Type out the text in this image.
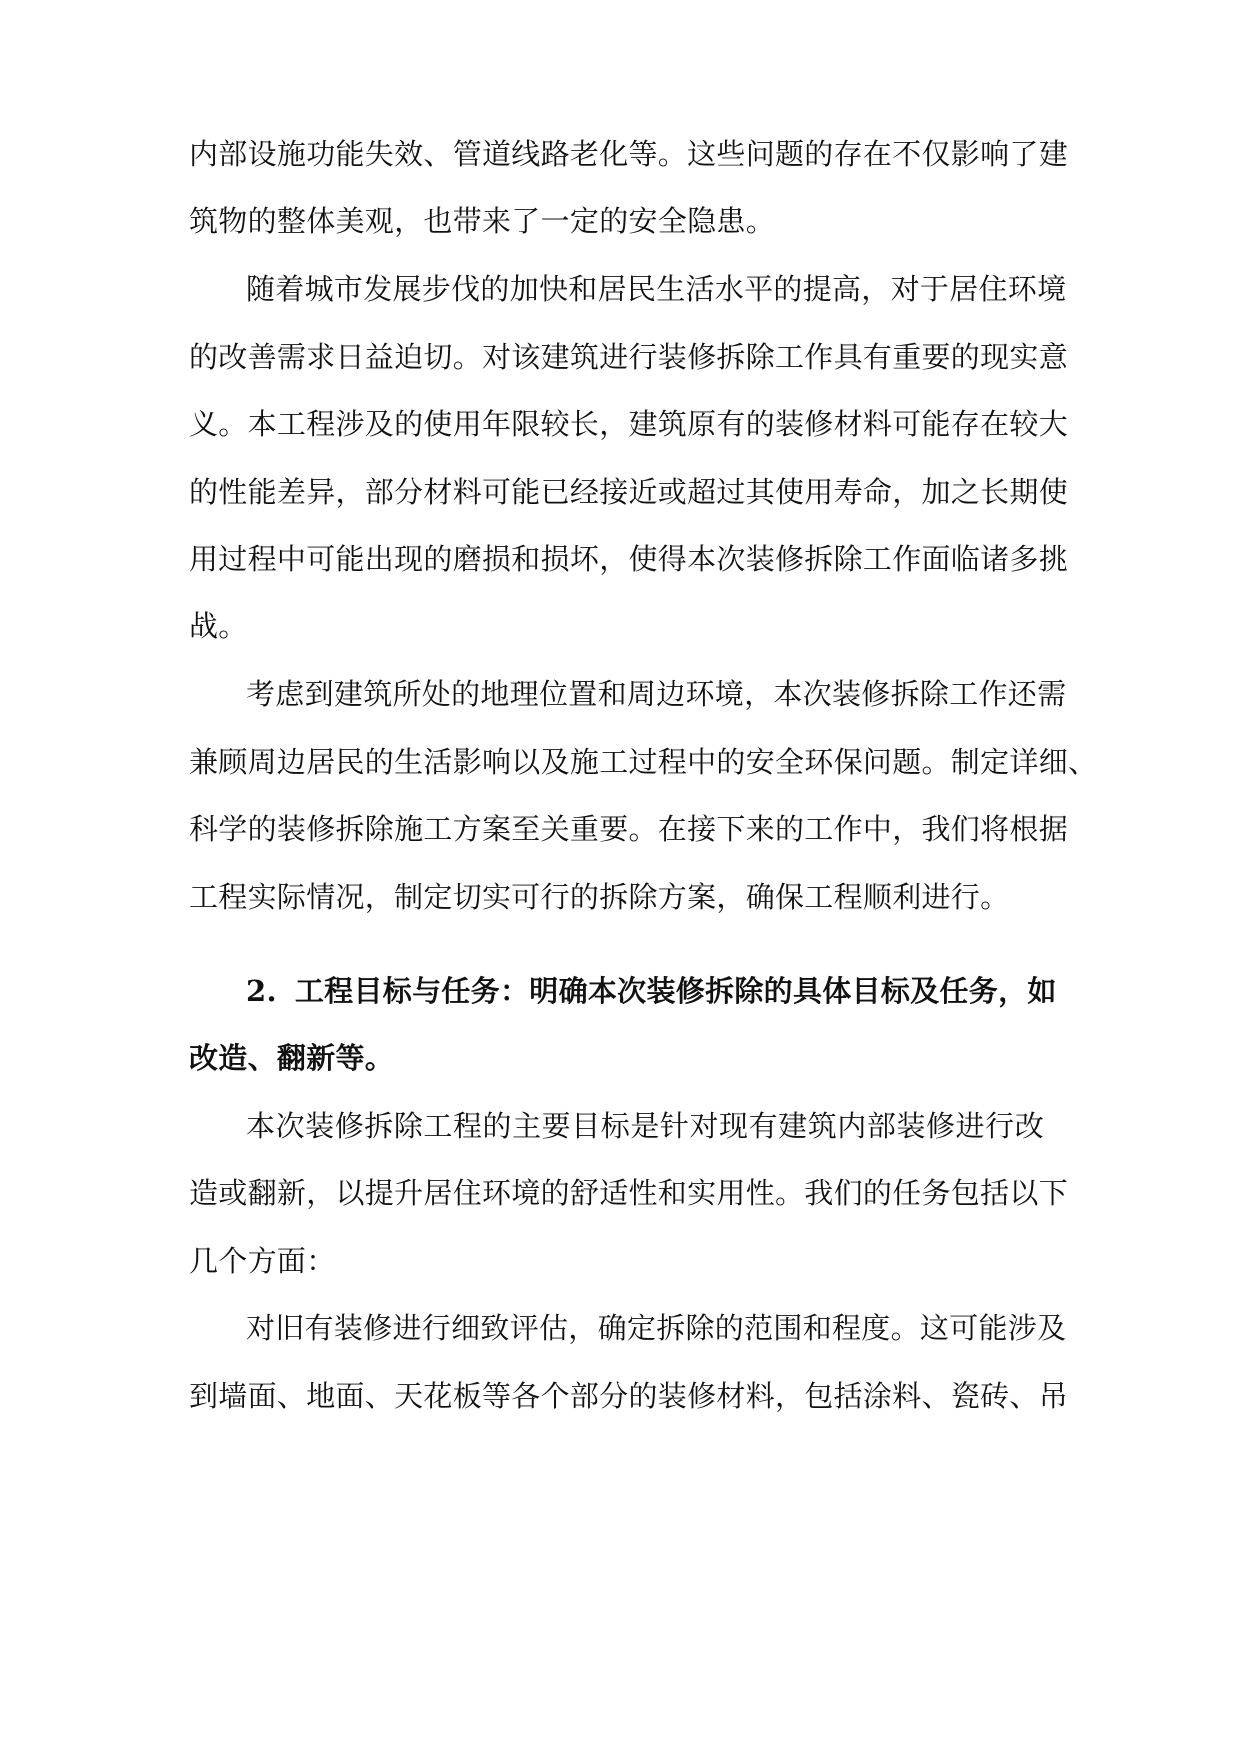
内部设施功能失效、管道线路老化等。这些问题的存在不仅影响了建
筑物的整体美观，也带来了一定的安全隐患。
随着城市发展步伐的加快和居民生活水平的提高，对于居住环境
的改善需求日益迫切。对该建筑进行装修拆除工作具有重要的现实意
义。本工程涉及的使用年限较长，建筑原有的装修材料可能存在较大
的性能差异，部分材料可能已经接近或超过其使用寿命，加之长期使
用过程中可能出现的磨损和损坏，使得本次装修拆除工作面临诸多挑
战。
考虑到建筑所处的地理位置和周边环境，本次装修拆除工作还需
兼顾周边居民的生活影响以及施工过程中的安全环保问题。制定详细、
科学的装修拆除施工方案至关重要。在接下来的工作中，我们将根据
工程实际情况，制定切实可行的拆除方案，确保工程顺利进行。
2. 工程目标与任务：明确本次装修拆除的具体目标及任务，如
改造、翻新等。
本次装修拆除工程的主要目标是针对现有建筑内部装修进行改
造或翻新，以提升居住环境的舒适性和实用性。我们的任务包括以下
几个方面：
对旧有装修进行细致评估，确定拆除的范围和程度。这可能涉及
到墙面、地面、天花板等各个部分的装修材料，包括涂料、瓷砖、吊
